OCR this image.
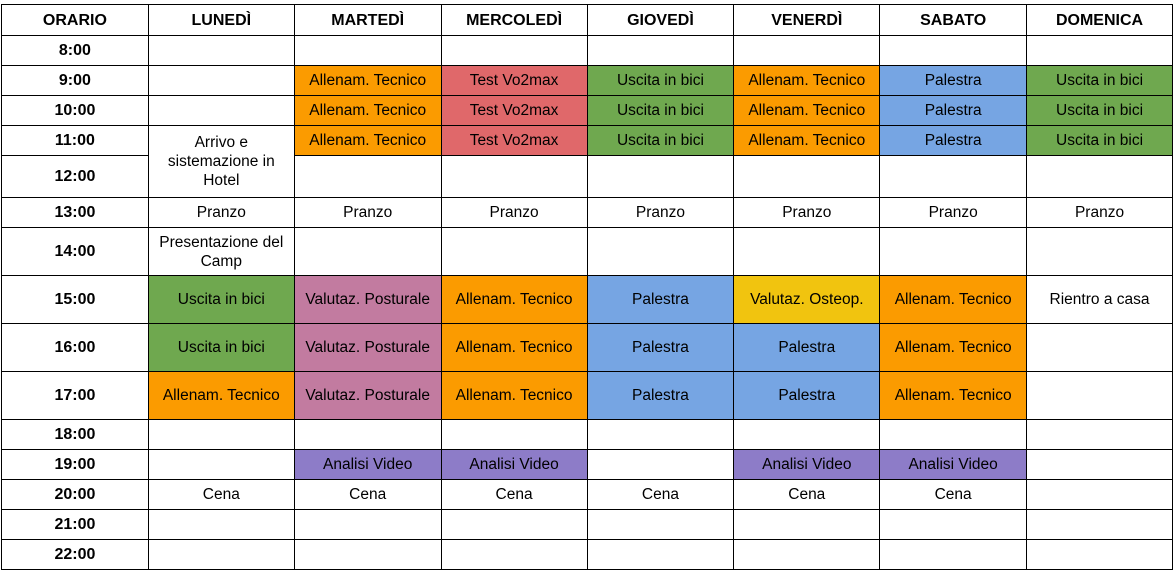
ORARIO	LUNEDÌ	MARTEDÌ	MERCOLEDÌ	GIOVEDÌ	VENERDÌ	SABATO	DOMENICA
8:00							
9:00		Allenam. Tecnico	Test Vo2max	Uscita in bici	Allenam. Tecnico	Palestra	Uscita in bici
10:00		Allenam. Tecnico	Test Vo2max	Uscita in bici	Allenam. Tecnico	Palestra	Uscita in bici
11:00	Arrivo e sistemazione in Hotel	Allenam. Tecnico	Test Vo2max	Uscita in bici	Allenam. Tecnico	Palestra	Uscita in bici
12:00							
13:00	Pranzo	Pranzo	Pranzo	Pranzo	Pranzo	Pranzo	Pranzo
14:00	Presentazione del Camp						
15:00	Uscita in bici	Valutaz. Posturale	Allenam. Tecnico	Palestra	Valutaz. Osteop.	Allenam. Tecnico	Rientro a casa
16:00	Uscita in bici	Valutaz. Posturale	Allenam. Tecnico	Palestra	Palestra	Allenam. Tecnico	
17:00	Allenam. Tecnico	Valutaz. Posturale	Allenam. Tecnico	Palestra	Palestra	Allenam. Tecnico	
18:00							
19:00		Analisi Video	Analisi Video		Analisi Video	Analisi Video	
20:00	Cena	Cena	Cena	Cena	Cena	Cena	
21:00							
22:00							
